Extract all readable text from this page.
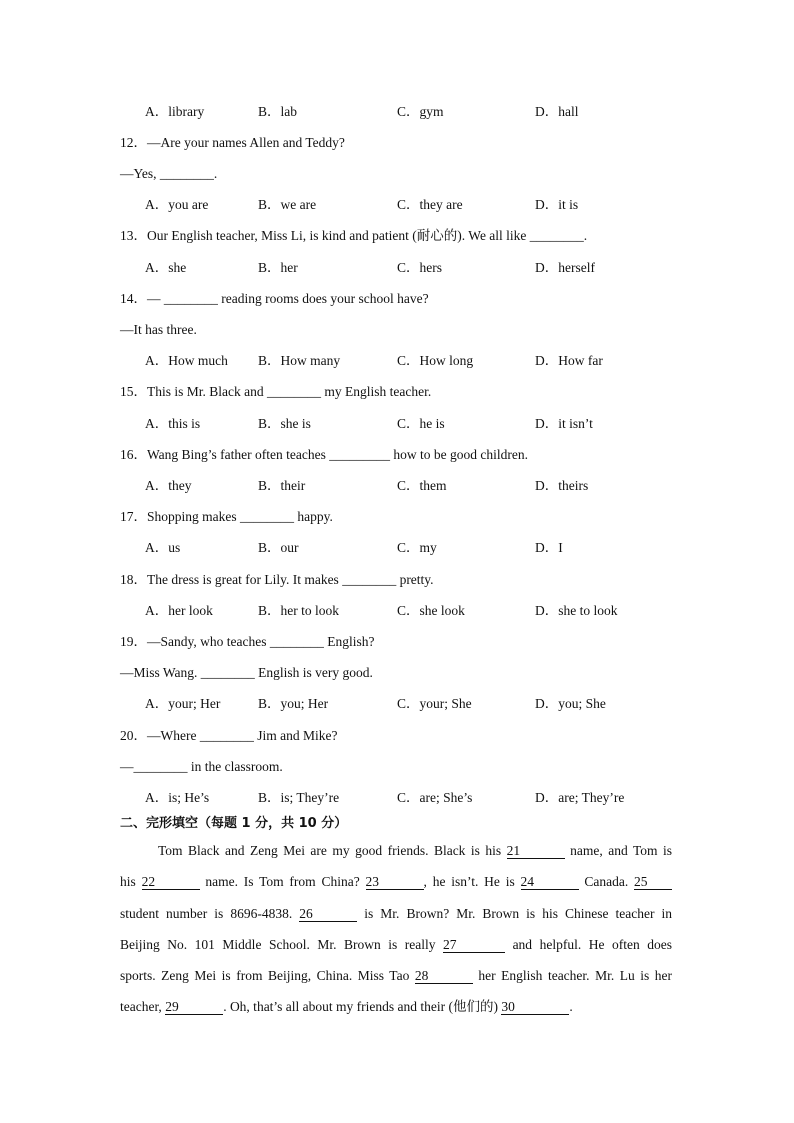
A．library	B．lab	C．gym	D．hall
12．—Are your names Allen and Teddy?
—Yes, ________.
A．you are	B．we are	C．they are	D．it is
13．Our English teacher, Miss Li, is kind and patient (耐心的). We all like ________.
A．she	B．her	C．hers	D．herself
14．— ________ reading rooms does your school have?
—It has three.
A．How much B．How many	C．How long	D．How far
15．This is Mr. Black and ________ my English teacher.
A．this is	B．she is	C．he is	D．it isn’t
16．Wang Bing’s father often teaches _________ how to be good children.
A．they	B．their	C．them	D．theirs
17．Shopping makes ________ happy.
A．us	B．our	C．my	D．I
18．The dress is great for Lily. It makes ________ pretty.
A．her look	B．her to look	C．she look	D．she to look
19．—Sandy, who teaches ________ English?
—Miss Wang. ________ English is very good.
A．your; Her	B．you; Her	C．your; She	D．you; She
20．—Where ________ Jim and Mike?
—________ in the classroom.
A．is; He’s	B．is; They’re	C．are; She’s	D．are; They’re
二、完形填空（每题 1 分，共 10 分）
Tom Black and Zeng Mei are my good friends. Black is his 21	name, and Tom is
his 22	name. Is Tom from China? 23	, he isn’t. He is 24	Canada. 25
student number is 8696-4838. 26	is Mr. Brown? Mr. Brown is his Chinese teacher in
Beijing No. 101 Middle School. Mr. Brown is really 27	and helpful. He often does
sports. Zeng Mei is from Beijing, China. Miss Tao 28	her English teacher. Mr. Lu is her
teacher, 29	. Oh, that’s all about my friends and their (他们的) 30	.
